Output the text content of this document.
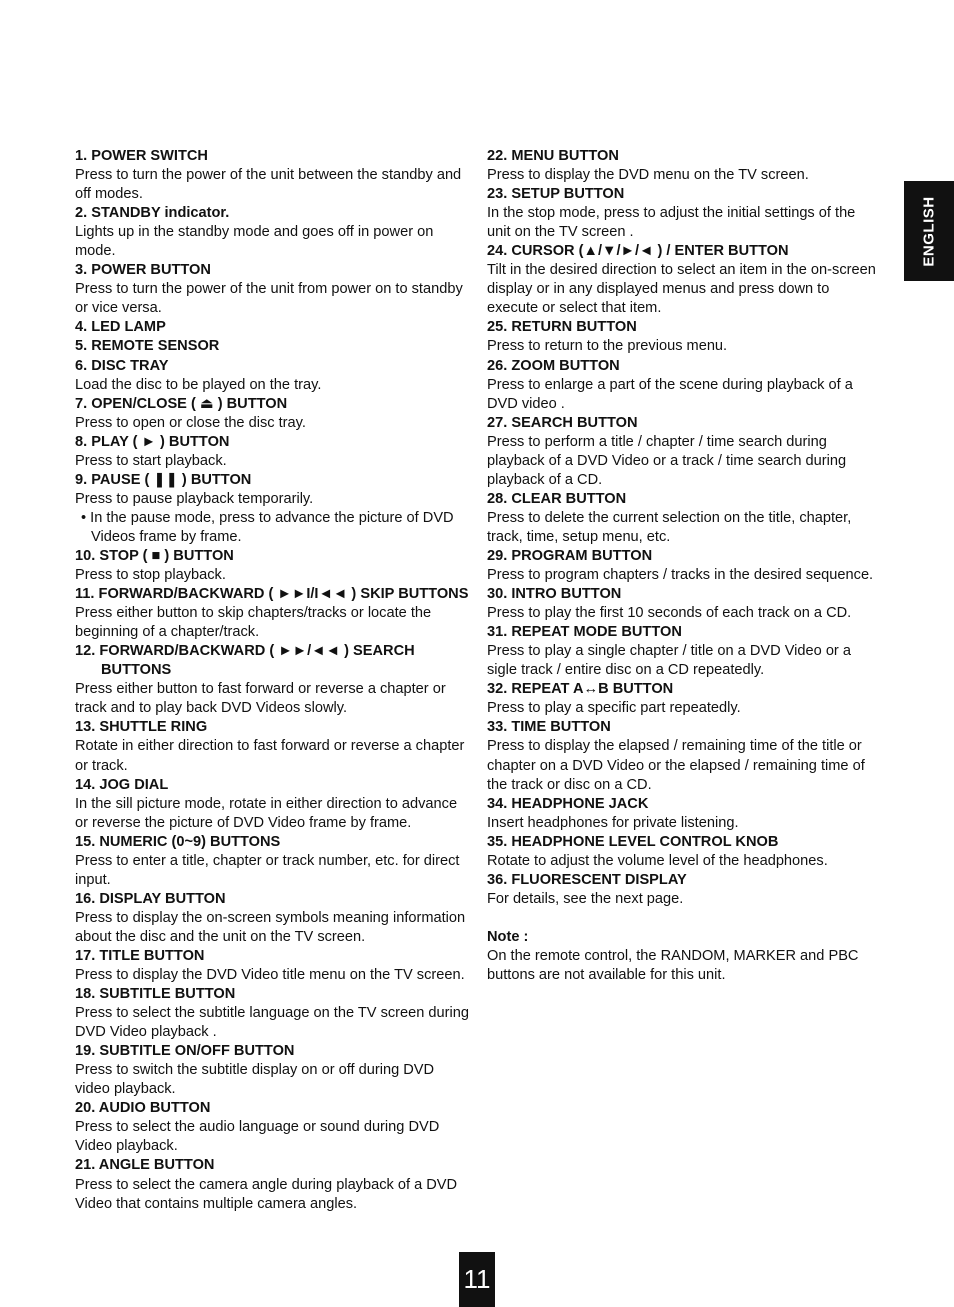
1. POWER SWITCH
Press to turn the power of the unit between the standby and off modes.
2. STANDBY indicator.
Lights up in the standby mode and goes off in power on mode.
3. POWER BUTTON
Press to turn the power of the unit from power on to standby or vice versa.
4. LED LAMP
5. REMOTE SENSOR
6. DISC TRAY
Load the disc to be played on the tray.
7. OPEN/CLOSE ( ⏏ ) BUTTON
Press to open or close the disc tray.
8. PLAY ( ► ) BUTTON
Press to start playback.
9. PAUSE ( ❚❚ ) BUTTON
Press to pause playback temporarily.
• In the pause mode, press to advance the picture of DVD Videos frame by frame.
10. STOP ( ■ ) BUTTON
Press to stop playback.
11. FORWARD/BACKWARD ( ►►I/I◄◄ ) SKIP BUTTONS
Press either button to skip chapters/tracks or locate the beginning of a chapter/track.
12. FORWARD/BACKWARD ( ►►/◄◄ ) SEARCH BUTTONS
Press either button to fast forward or reverse a chapter or track and to play back DVD Videos slowly.
13. SHUTTLE RING
Rotate in either direction to fast forward or reverse a chapter or track.
14. JOG DIAL
In the sill picture mode, rotate in either direction to advance or reverse the picture of DVD Video frame by frame.
15. NUMERIC (0~9) BUTTONS
Press to enter a title, chapter or track number, etc. for direct input.
16. DISPLAY BUTTON
Press to display the on-screen symbols meaning information about the disc and the unit on the TV screen.
17. TITLE BUTTON
Press to display the DVD Video title menu on the TV screen.
18. SUBTITLE BUTTON
Press to select the subtitle language on the TV screen during DVD Video playback .
19. SUBTITLE ON/OFF BUTTON
Press to switch the subtitle display on or off during DVD video playback.
20. AUDIO BUTTON
Press to select the audio language or sound during DVD Video playback.
21. ANGLE BUTTON
Press to select the camera angle during playback of a DVD Video that contains multiple camera angles.
22. MENU BUTTON
Press to display the DVD menu on the TV screen.
23. SETUP BUTTON
In the stop mode, press to adjust the initial settings of the unit on the TV screen .
24. CURSOR (▲/▼/►/◄ ) / ENTER BUTTON
Tilt in the desired direction to select an item in the on-screen display or in any displayed menus and press down to execute or select that item.
25. RETURN BUTTON
Press to return to the previous menu.
26. ZOOM BUTTON
Press to enlarge a part of the scene during playback of a DVD video .
27. SEARCH BUTTON
Press to perform a title / chapter / time search during playback of a DVD Video or a track / time search during playback of a CD.
28. CLEAR BUTTON
Press to delete the current selection on the title, chapter, track, time, setup menu, etc.
29. PROGRAM BUTTON
Press to program chapters / tracks in the desired sequence.
30. INTRO BUTTON
Press to play the first 10 seconds of each track on a CD.
31. REPEAT MODE BUTTON
Press to play a single chapter / title on a DVD Video or a sigle track / entire disc on a CD repeatedly.
32. REPEAT A↔B BUTTON
Press to play a specific part repeatedly.
33. TIME BUTTON
Press to display the elapsed / remaining time of the title or chapter on a DVD Video or the elapsed / remaining time of the track or disc on a CD.
34. HEADPHONE JACK
Insert headphones for private listening.
35. HEADPHONE LEVEL CONTROL KNOB
Rotate to adjust the volume level of the headphones.
36. FLUORESCENT DISPLAY
For details, see the next page.
Note :
On the remote control, the RANDOM, MARKER and PBC buttons are not available for this unit.
ENGLISH
11
